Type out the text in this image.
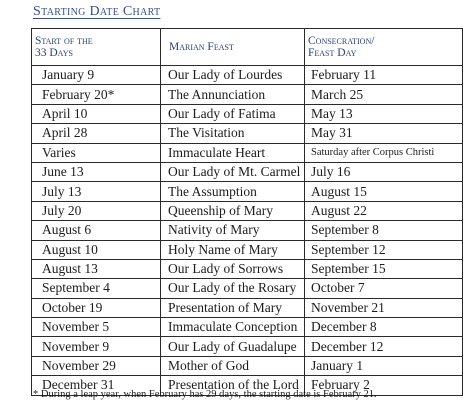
Starting Date Chart
Start of the
33 Days	Marian Feast	Consecration/
Feast Day
January 9	Our Lady of Lourdes	February 11
February 20*	The Annunciation	March 25
April 10	Our Lady of Fatima	May 13
April 28	The Visitation	May 31
Varies	Immaculate Heart	Saturday after Corpus Christi
June 13	Our Lady of Mt. Carmel	July 16
July 13	The Assumption	August 15
July 20	Queenship of Mary	August 22
August 6	Nativity of Mary	September 8
August 10	Holy Name of Mary	September 12
August 13	Our Lady of Sorrows	September 15
September 4	Our Lady of the Rosary	October 7
October 19	Presentation of Mary	November 21
November 5	Immaculate Conception	December 8
November 9	Our Lady of Guadalupe	December 12
November 29	Mother of God	January 1
December 31	Presentation of the Lord	February 2
* During a leap year, when February has 29 days, the starting date is February 21.
